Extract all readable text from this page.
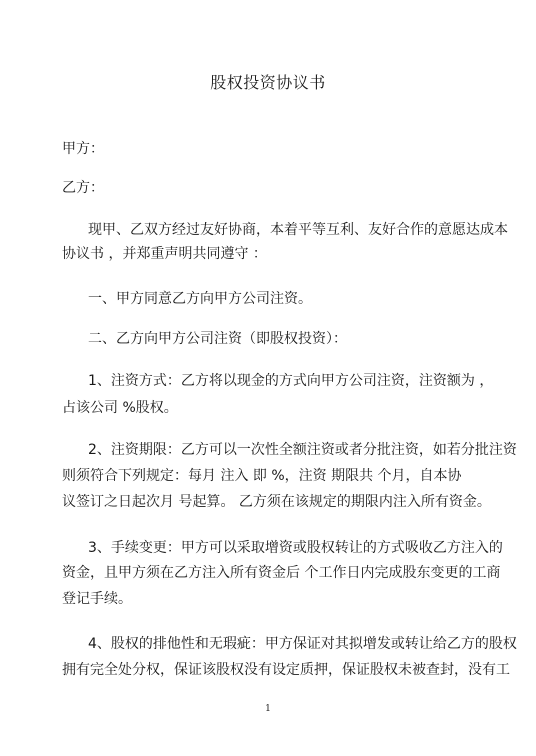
股权投资协议书
甲方：
乙方：
现甲、乙双方经过友好协商，本着平等互利、友好合作的意愿达成本
协议书 ，并郑重声明共同遵守 ：
一、甲方同意乙方向甲方公司注资。
二、乙方向甲方公司注资（即股权投资）：
1、注资方式：乙方将以现金的方式向甲方公司注资，注资额为 ，
占该公司 %股权。
2、注资期限：乙方可以一次性全额注资或者分批注资，如若分批注资
则须符合下列规定：每月 注入 即 %，注资 期限共 个月，自本协
议签订之日起次月 号起算。 乙方须在该规定的期限内注入所有资金。
3、手续变更：甲方可以采取增资或股权转让的方式吸收乙方注入的
资金，且甲方须在乙方注入所有资金后 个工作日内完成股东变更的工商
登记手续。
4、股权的排他性和无瑕疵：甲方保证对其拟增发或转让给乙方的股权
拥有完全处分权，保证该股权没有设定质押，保证股权未被查封，没有工
1
